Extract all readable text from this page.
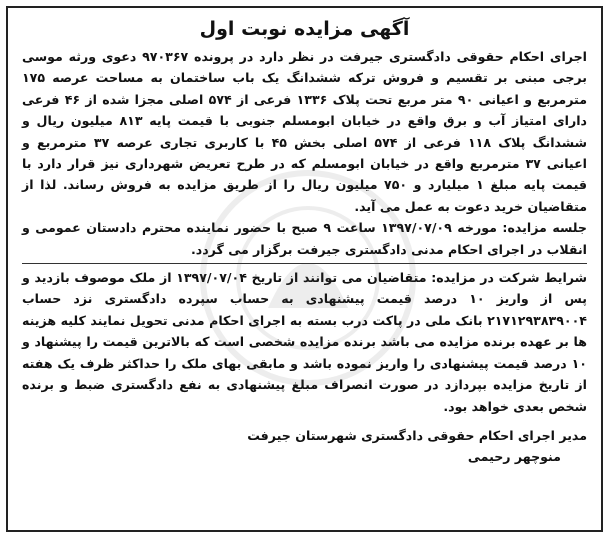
آگهی مزایده نوبت اول

اجرای احکام حقوقی دادگستری جیرفت در نظر دارد در پرونده ۹۷۰۳۶۷ دعوی ورثه موسی برجی مبنی بر تقسیم و فروش ترکه ششدانگ یک باب ساختمان به مساحت عرصه ۱۷۵ مترمربع و اعیانی ۹۰ متر مربع تحت پلاک ۱۳۳۶ فرعی از ۵۷۴ اصلی مجزا شده از ۴۶ فرعی دارای امتیاز آب و برق واقع در خیابان ابومسلم جنوبی با قیمت پایه ۸۱۳ میلیون ریال و ششدانگ پلاک ۱۱۸ فرعی از ۵۷۴ اصلی بخش ۴۵ با کاربری تجاری عرصه ۳۷ مترمربع و اعیانی ۳۷ مترمربع واقع در خیابان ابومسلم که در طرح تعریض شهرداری نیز قرار دارد با قیمت پایه مبلغ ۱ میلیارد و ۷۵۰ میلیون ریال را از طریق مزایده به فروش رساند. لذا از متقاضیان خرید دعوت به عمل می آید.

جلسه مزایده: مورخه ۱۳۹۷/۰۷/۰۹ ساعت ۹ صبح با حضور نماینده محترم دادستان عمومی و انقلاب در اجرای احکام مدنی دادگستری جیرفت برگزار می گردد.

شرایط شرکت در مزایده: متقاضیان می توانند از تاریخ ۱۳۹۷/۰۷/۰۴ از ملک موصوف بازدید و پس از واریز ۱۰ درصد قیمت پیشنهادی به حساب سپرده دادگستری نزد حساب ۲۱۷۱۲۹۳۸۳۹۰۰۴ بانک ملی در پاکت درب بسته به اجرای احکام مدنی تحویل نمایند کلیه هزینه ها بر عهده برنده مزایده می باشد برنده مزایده شخصی است که بالاترین قیمت را پیشنهاد و ۱۰ درصد قیمت پیشنهادی را واریز نموده باشد و مابقی بهای ملک را حداکثر ظرف یک هفته از تاریخ مزایده بپردازد در صورت انصراف مبلغ پیشنهادی به نفع دادگستری ضبط و برنده شخص بعدی خواهد بود.

مدیر اجرای احکام حقوقی دادگستری شهرستان جیرفت
منوچهر رحیمی
